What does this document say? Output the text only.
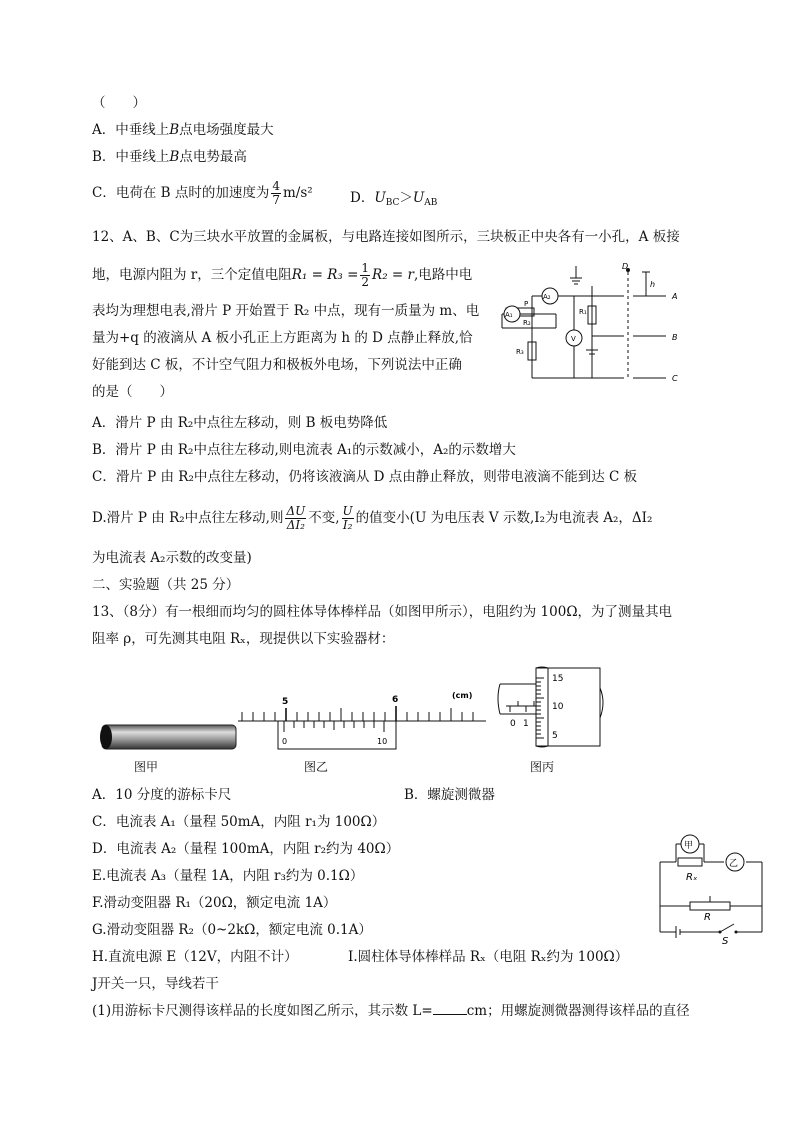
（　　）
A．中垂线上B点电场强度最大
B．中垂线上B点电势最高
C．电荷在 B 点时的加速度为 $\frac{4}{7} m/s^2$	D．$U_{BC}>U_{AB}$
12、A、B、C为三块水平放置的金属板，与电路连接如图所示，三块板正中央各有一小孔，A 板接
地，电源内阻为 r，三个定值电阻$R_1 = R_3 = \frac{1}{2} R_2 = r$,电路中电
表均为理想电表,滑片 P 开始置于 R₂ 中点，现有一质量为 m、电
量为+q 的液滴从 A 板小孔正上方距离为 h 的 D 点静止释放,恰
好能到达 C 板，不计空气阻力和极板外电场，下列说法中正确
的是（　　）
A₂
A₁
V
D
h
A
B
C
P
R₂
R₃
R₁
A．滑片 P 由 R₂中点往左移动，则 B 板电势降低
B．滑片 P 由 R₂中点往左移动,则电流表 A₁的示数减小，A₂的示数增大
C．滑片 P 由 R₂中点往左移动，仍将该液滴从 D 点由静止释放，则带电液滴不能到达 C 板
D.滑片 P 由 R₂中点往左移动,则 $\frac{\Delta U}{\text{ΔI₂}}$ 不变, $\frac{U}{\text{I₂}}$ 的值变小(U 为电压表 V 示数,I₂为电流表 A₂，ΔI₂
为电流表 A₂示数的改变量)
二、实验题（共 25 分）
13、（8分）有一根细而均匀的圆柱体导体棒样品（如图甲所示），电阻约为 100Ω，为了测量其电
阻率 ρ，可先测其电阻 Rₓ，现提供以下实验器材：
图甲
5	6	(cm)
0	10
图乙
0 1
15
10
5
图丙
A．10 分度的游标卡尺	B．螺旋测微器
C．电流表 A₁（量程 50mA，内阻 r₁为 100Ω）
D．电流表 A₂（量程 100mA，内阻 r₂约为 40Ω）
E.电流表 A₃（量程 1A，内阻 r₃约为 0.1Ω）
F.滑动变阻器 R₁（20Ω，额定电流 1A）
G.滑动变阻器 R₂（0~2kΩ，额定电流 0.1A）
H.直流电源 E（12V，内阻不计）	I.圆柱体导体棒样品 Rₓ（电阻 Rₓ约为 100Ω）
J开关一只，导线若干
(1)用游标卡尺测得该样品的长度如图乙所示，其示数 L=	cm；用螺旋测微器测得该样品的直径
甲
乙
Rₓ
R
S
